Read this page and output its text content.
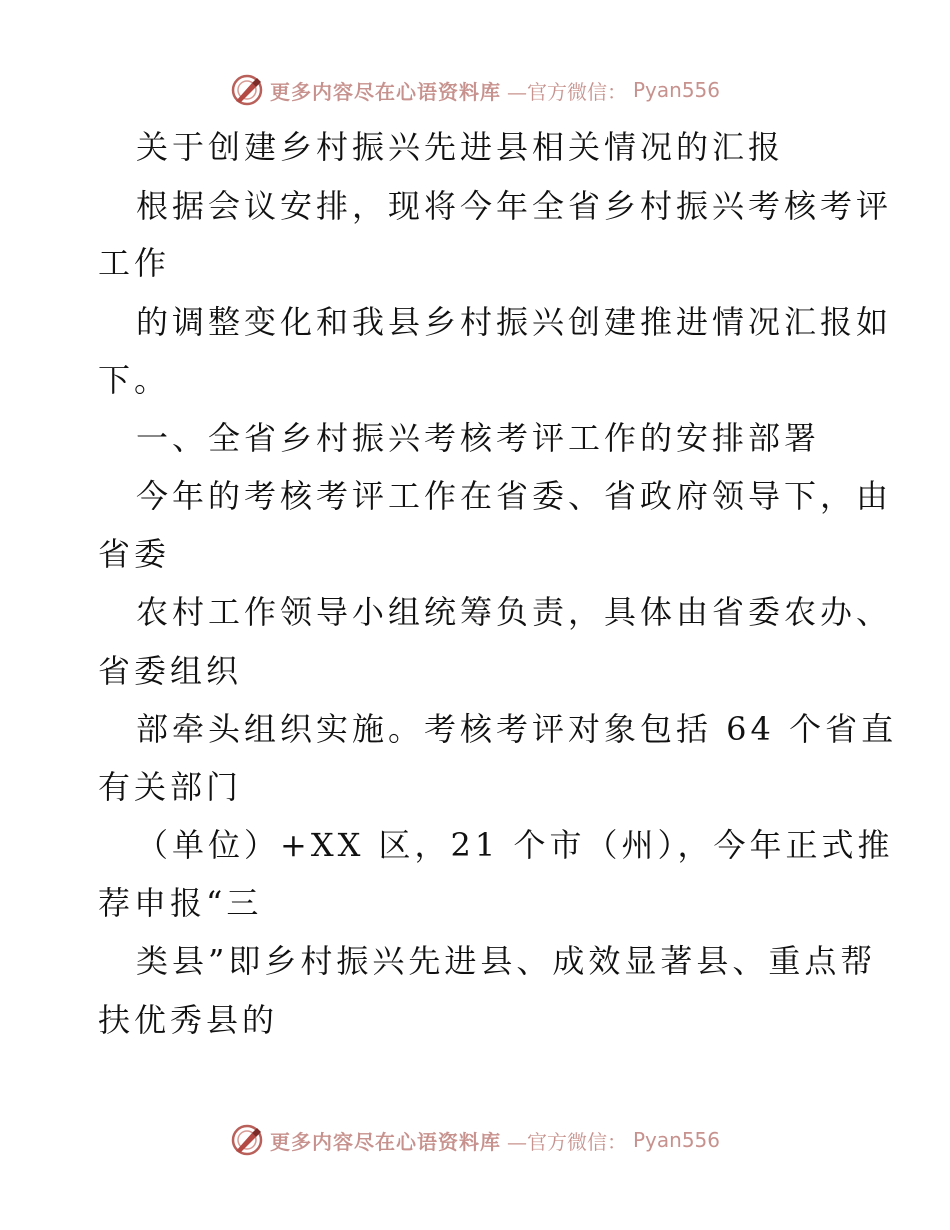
更多内容尽在心语资料库 —官方微信： Pyan556
关于创建乡村振兴先进县相关情况的汇报
根据会议安排，现将今年全省乡村振兴考核考评
工作
的调整变化和我县乡村振兴创建推进情况汇报如
下。
一、全省乡村振兴考核考评工作的安排部署
今年的考核考评工作在省委、省政府领导下，由
省委
农村工作领导小组统筹负责，具体由省委农办、
省委组织
部牵头组织实施。考核考评对象包括 64 个省直
有关部门
（单位）+XX 区，21 个市（州），今年正式推
荐申报“三
类县”即乡村振兴先进县、成效显著县、重点帮
扶优秀县的
更多内容尽在心语资料库 —官方微信： Pyan556
